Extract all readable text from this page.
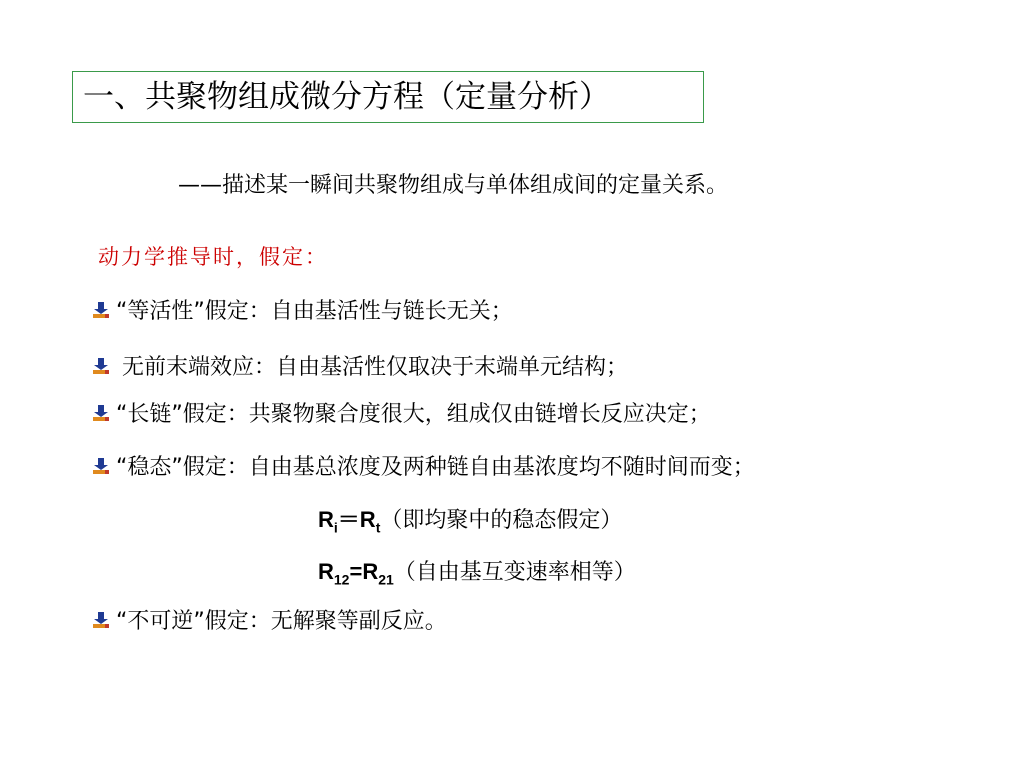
一、共聚物组成微分方程（定量分析）
——描述某一瞬间共聚物组成与单体组成间的定量关系。
动力学推导时，假定：
“等活性”假定：自由基活性与链长无关；
无前末端效应：自由基活性仅取决于末端单元结构；
“长链”假定：共聚物聚合度很大，组成仅由链增长反应决定；
“稳态”假定：自由基总浓度及两种链自由基浓度均不随时间而变；
$R_i=R_t$（即均聚中的稳态假定）
$R_{12}=R_{21}$（自由基互变速率相等）
“不可逆”假定：无解聚等副反应。
